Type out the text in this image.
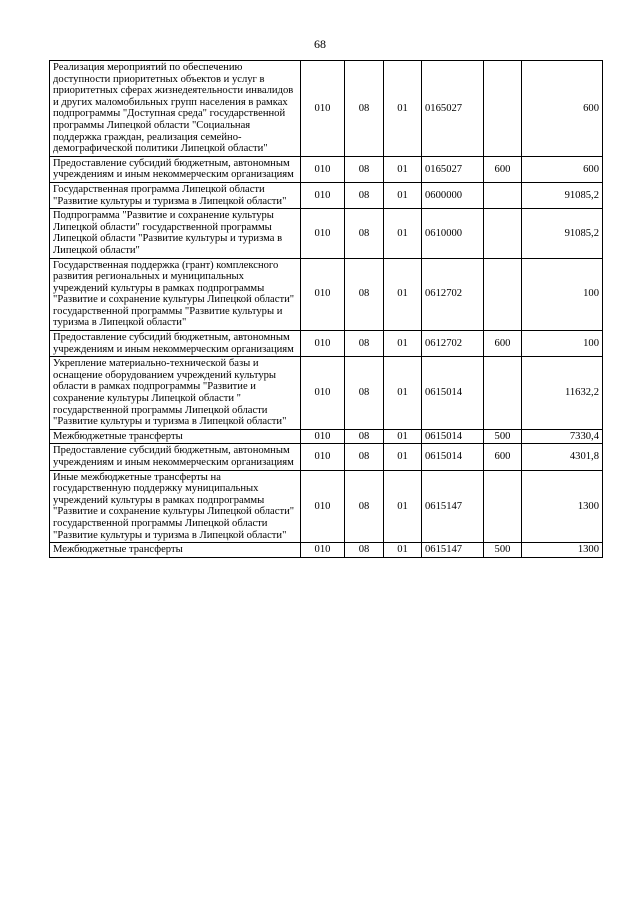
68
Реализация мероприятий по обеспечению доступности приоритетных объектов и услуг в приоритетных сферах жизнедеятельности инвалидов и других маломобильных групп населения в рамках подпрограммы "Доступная среда" государственной программы Липецкой области "Социальная поддержка граждан, реализация семейно-демографической политики Липецкой области"	010	08	01	0165027		600
Предоставление субсидий бюджетным, автономным учреждениям и иным некоммерческим организациям	010	08	01	0165027	600	600
Государственная программа Липецкой области "Развитие культуры и туризма в Липецкой области"	010	08	01	0600000		91085,2
Подпрограмма "Развитие и сохранение культуры Липецкой области" государственной программы Липецкой области "Развитие культуры и туризма в Липецкой области"	010	08	01	0610000		91085,2
Государственная поддержка (грант) комплексного развития региональных и муниципальных учреждений культуры в рамках подпрограммы "Развитие и сохранение культуры Липецкой области" государственной программы "Развитие культуры и туризма в Липецкой области"	010	08	01	0612702		100
Предоставление субсидий бюджетным, автономным учреждениям и иным некоммерческим организациям	010	08	01	0612702	600	100
Укрепление материально-технической базы и оснащение оборудованием учреждений культуры области в рамках подпрограммы "Развитие и сохранение культуры Липецкой области " государственной программы Липецкой области "Развитие культуры и туризма в Липецкой области"	010	08	01	0615014		11632,2
Межбюджетные трансферты	010	08	01	0615014	500	7330,4
Предоставление субсидий бюджетным, автономным учреждениям и иным некоммерческим организациям	010	08	01	0615014	600	4301,8
Иные межбюджетные трансферты на государственную поддержку муниципальных учреждений культуры в рамках подпрограммы "Развитие и сохранение культуры Липецкой области" государственной программы Липецкой области "Развитие культуры и туризма в Липецкой области"	010	08	01	0615147		1300
Межбюджетные трансферты	010	08	01	0615147	500	1300
